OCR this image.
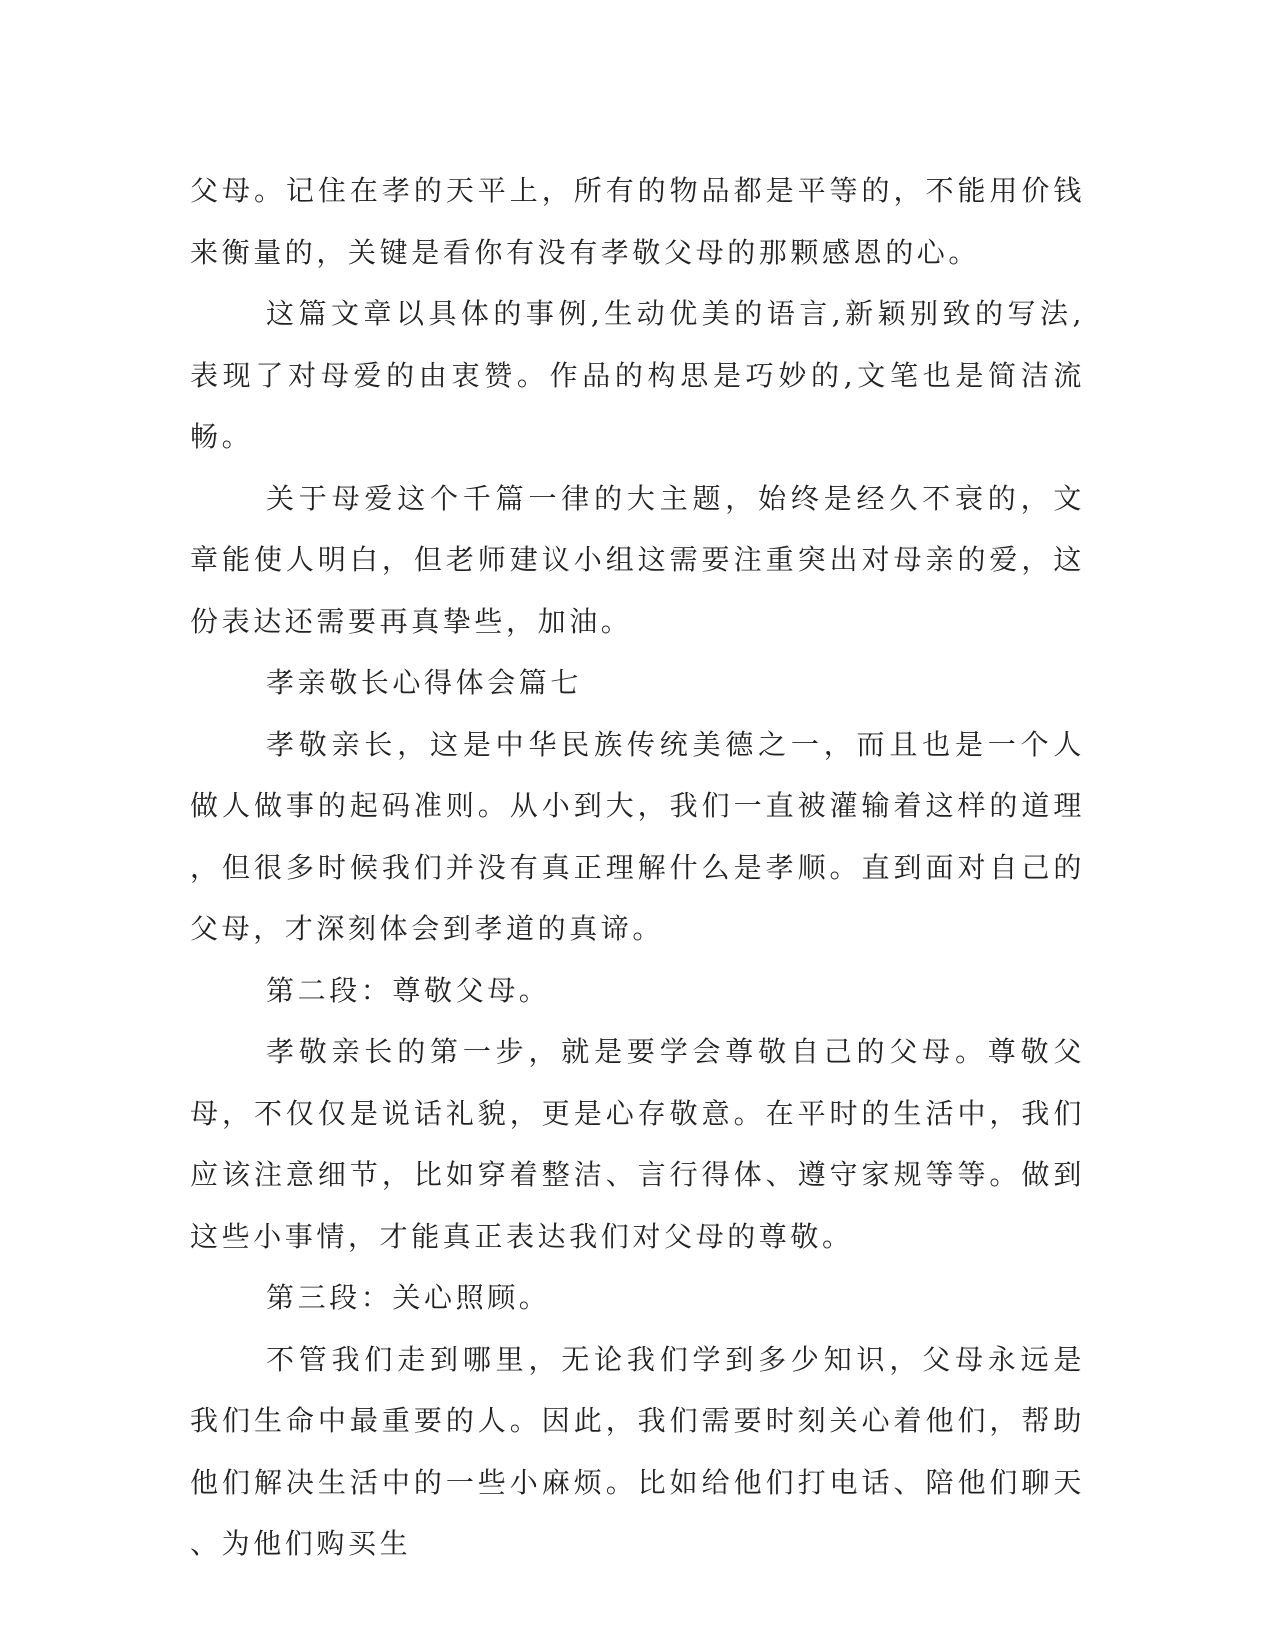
父母。记住在孝的天平上，所有的物品都是平等的，不能用价钱来衡量的，关键是看你有没有孝敬父母的那颗感恩的心。

这篇文章以具体的事例,生动优美的语言,新颖别致的写法,表现了对母爱的由衷赞。作品的构思是巧妙的,文笔也是简洁流畅。

关于母爱这个千篇一律的大主题，始终是经久不衰的，文章能使人明白，但老师建议小组这需要注重突出对母亲的爱，这份表达还需要再真挚些，加油。

孝亲敬长心得体会篇七

孝敬亲长，这是中华民族传统美德之一，而且也是一个人做人做事的起码准则。从小到大，我们一直被灌输着这样的道理，但很多时候我们并没有真正理解什么是孝顺。直到面对自己的父母，才深刻体会到孝道的真谛。

第二段：尊敬父母。

孝敬亲长的第一步，就是要学会尊敬自己的父母。尊敬父母，不仅仅是说话礼貌，更是心存敬意。在平时的生活中，我们应该注意细节，比如穿着整洁、言行得体、遵守家规等等。做到这些小事情，才能真正表达我们对父母的尊敬。

第三段：关心照顾。

不管我们走到哪里，无论我们学到多少知识，父母永远是我们生命中最重要的人。因此，我们需要时刻关心着他们，帮助他们解决生活中的一些小麻烦。比如给他们打电话、陪他们聊天、为他们购买生
